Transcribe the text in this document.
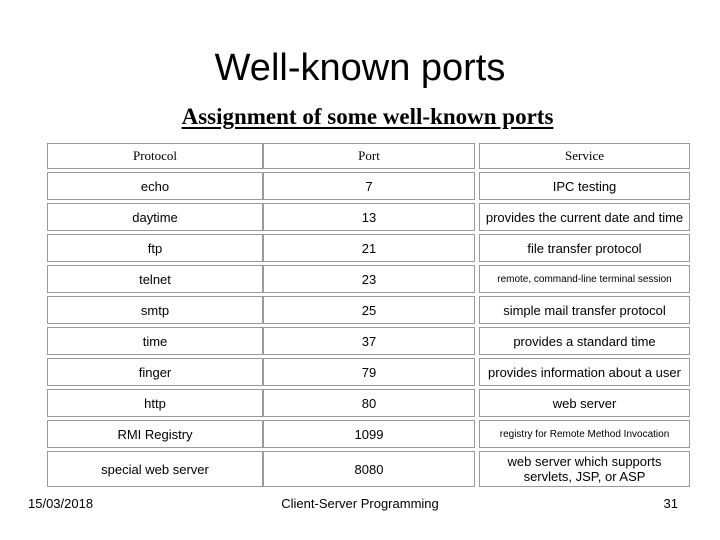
Well-known ports
Assignment of some well-known ports
Protocol	Port		Service
echo	7		IPC testing
daytime	13		provides the current date and time
ftp	21		file transfer protocol
telnet	23		remote, command-line terminal session
smtp	25		simple mail transfer protocol
time	37		provides a standard time
finger	79		provides information about a user
http	80		web server
RMI Registry	1099		registry for Remote Method Invocation
special web server	8080		web server which supports servlets, JSP, or ASP
Client-Server Programming
15/03/2018	31
